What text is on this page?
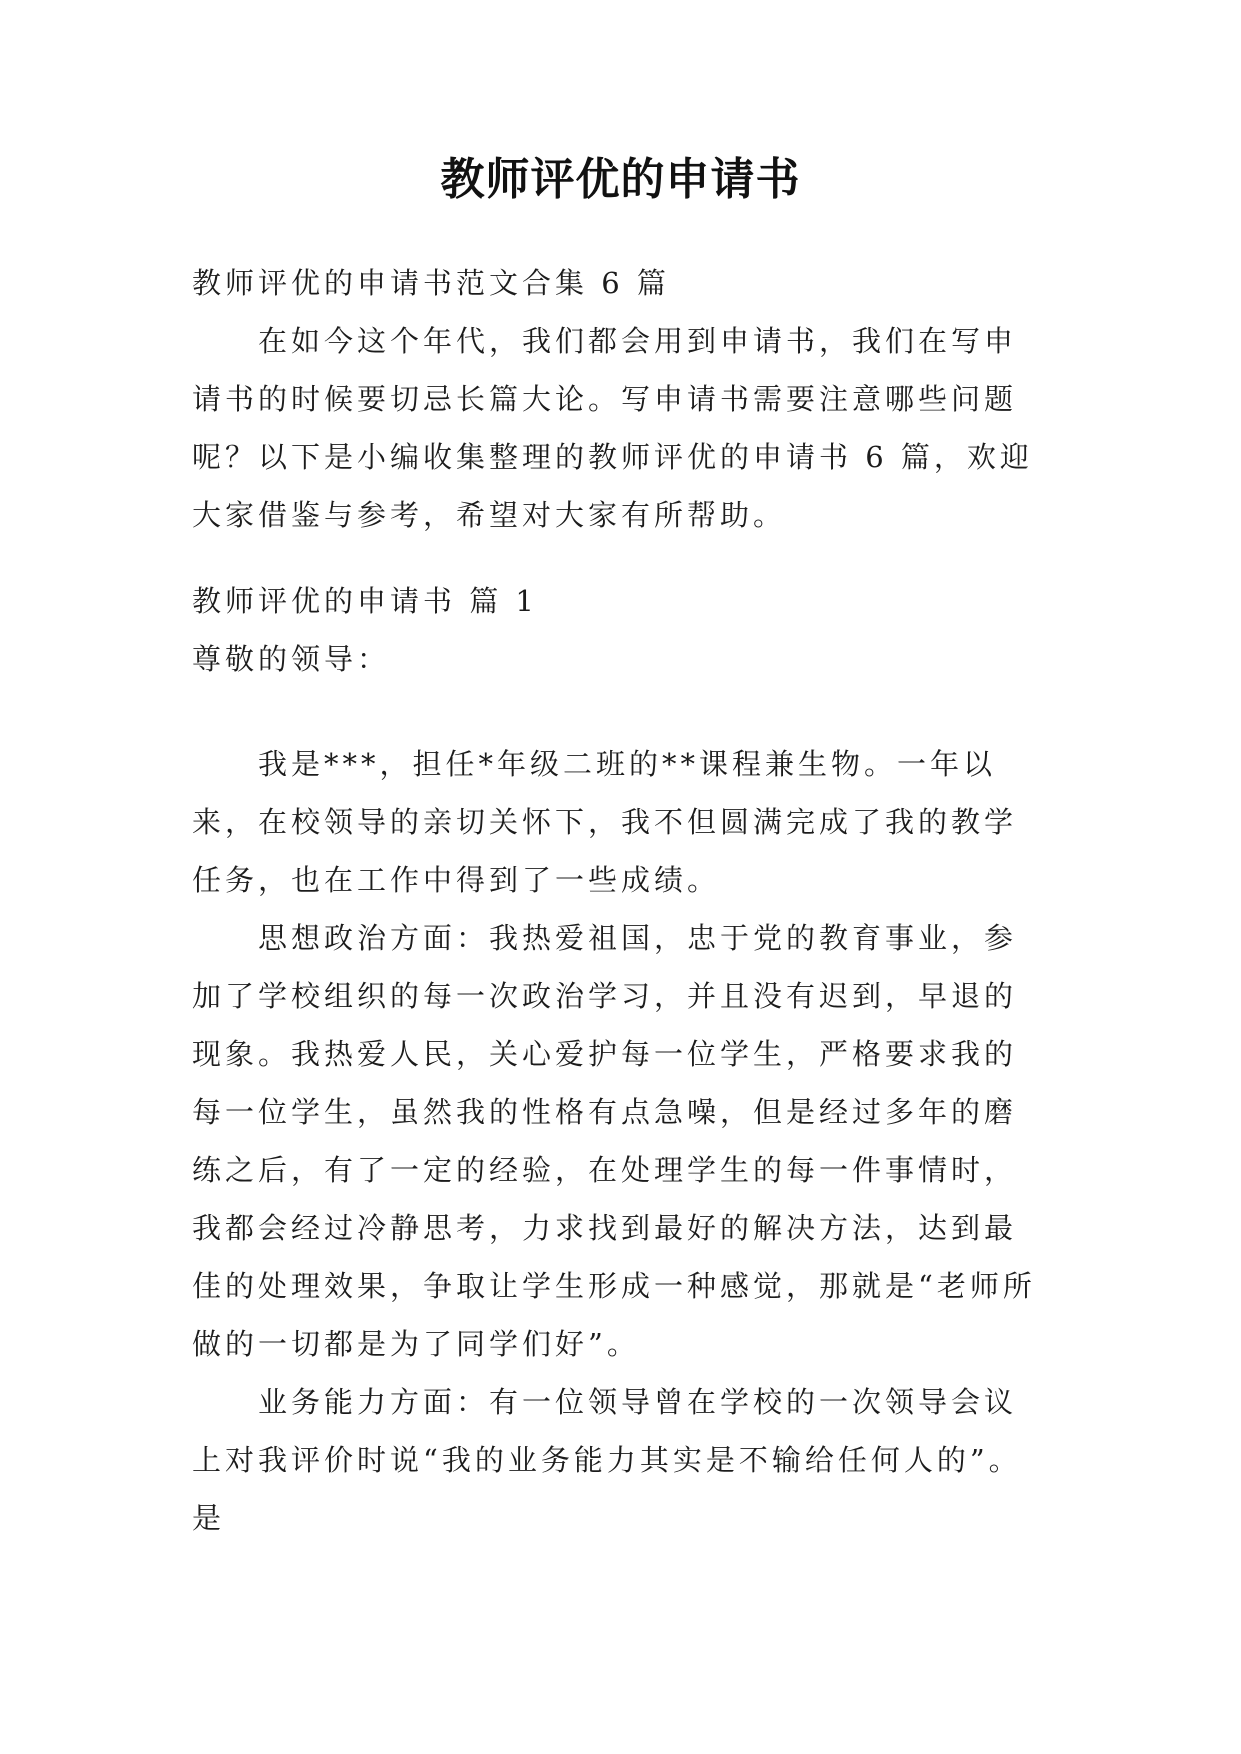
教师评优的申请书

教师评优的申请书范文合集 6 篇

在如今这个年代，我们都会用到申请书，我们在写申请书的时候要切忌长篇大论。写申请书需要注意哪些问题呢？以下是小编收集整理的教师评优的申请书 6 篇，欢迎大家借鉴与参考，希望对大家有所帮助。

教师评优的申请书 篇 1

尊敬的领导：

我是***，担任*年级二班的**课程兼生物。一年以来，在校领导的亲切关怀下，我不但圆满完成了我的教学任务，也在工作中得到了一些成绩。

思想政治方面：我热爱祖国，忠于党的教育事业，参加了学校组织的每一次政治学习，并且没有迟到，早退的现象。我热爱人民，关心爱护每一位学生，严格要求我的每一位学生，虽然我的性格有点急噪，但是经过多年的磨练之后，有了一定的经验，在处理学生的每一件事情时，我都会经过冷静思考，力求找到最好的解决方法，达到最佳的处理效果，争取让学生形成一种感觉，那就是“老师所做的一切都是为了同学们好”。

业务能力方面：有一位领导曾在学校的一次领导会议上对我评价时说“我的业务能力其实是不输给任何人的”。是
